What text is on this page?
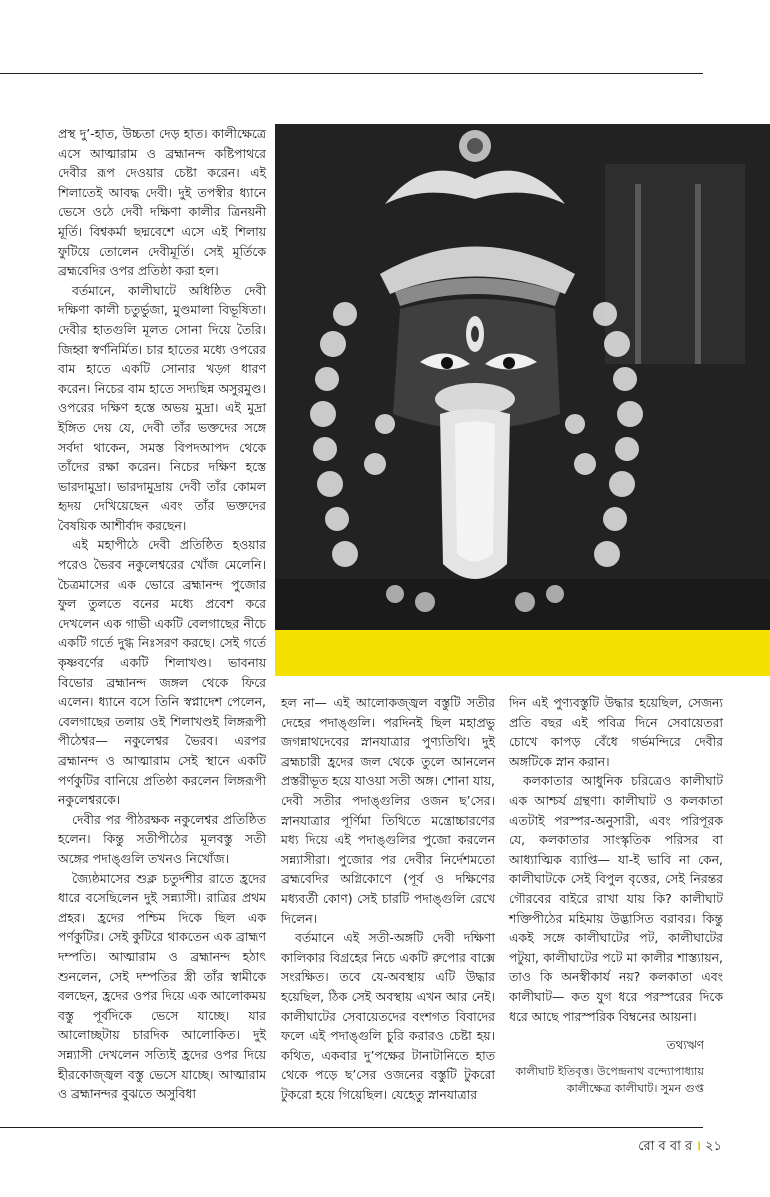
প্রস্থ দু’-হাত, উচ্চতা দেড় হাত। কালীক্ষেত্রে এসে আত্মারাম ও ব্রহ্মানন্দ কষ্টিপাথরে দেবীর রূপ দেওয়ার চেষ্টা করেন। এই শিলাতেই আবদ্ধ দেবী। দুই তপস্বীর ধ্যানে ভেসে ওঠে দেবী দক্ষিণা কালীর ত্রিনয়নী মূর্তি। বিশ্বকর্মা ছদ্মবেশে এসে এই শিলায় ফুটিয়ে তোলেন দেবীমূর্তি। সেই মূর্তিকে ব্রহ্মবেদির ওপর প্রতিষ্ঠা করা হল।

বর্তমানে, কালীঘাটে অধিষ্ঠিত দেবী দক্ষিণা কালী চতুর্ভুজা, মুণ্ডমালা বিভূষিতা। দেবীর হাতগুলি মূলত সোনা দিয়ে তৈরি। জিহ্বা স্বর্ণনির্মিত। চার হাতের মধ্যে ওপরের বাম হাতে একটি সোনার খড়্গ ধারণ করেন। নিচের বাম হাতে সদ্যছিন্ন অসুরমুণ্ড। ওপরের দক্ষিণ হস্তে অভয় মুদ্রা। এই মুদ্রা ইঙ্গিত দেয় যে, দেবী তাঁর ভক্তদের সঙ্গে সর্বদা থাকেন, সমস্ত বিপদআপদ থেকে তাঁদের রক্ষা করেন। নিচের দক্ষিণ হস্তে ভারদামুদ্রা। ভারদামুদ্রায় দেবী তাঁর কোমল হৃদয় দেখিয়েছেন এবং তাঁর ভক্তদের বৈষয়িক আশীর্বাদ করছেন।

এই মহাপীঠে দেবী প্রতিষ্ঠিত হওয়ার পরেও ভৈরব নকুলেশ্বরের খোঁজ মেলেনি। চৈত্রমাসের এক ভোরে ব্রহ্মানন্দ পুজোর ফুল তুলতে বনের মধ্যে প্রবেশ করে দেখলেন এক গাভী একটি বেলগাছের নীচে একটি গর্তে দুগ্ধ নিঃসরণ করছে। সেই গর্তে কৃষ্ণবর্ণের একটি শিলাখণ্ড। ভাবনায় বিভোর ব্রহ্মানন্দ জঙ্গল থেকে ফিরে এলেন। ধ্যানে বসে তিনি স্বপ্নাদেশ পেলেন, বেলগাছের তলায় ওই শিলাখণ্ডই লিঙ্গরূপী পীঠেশ্বর— নকুলেশ্বর ভৈরব। এরপর ব্রহ্মানন্দ ও আত্মারাম সেই স্থানে একটি পর্ণকুটির বানিয়ে প্রতিষ্ঠা করলেন লিঙ্গরূপী নকুলেশ্বরকে।

দেবীর পর পীঠরক্ষক নকুলেশ্বর প্রতিষ্ঠিত হলেন। কিন্তু সতীপীঠের মূলবস্তু সতী অঙ্গের পদাঙ্গুলি তখনও নিখোঁজ।

জ্যৈষ্ঠমাসের শুক্ল চতুর্দশীর রাতে হ্রদের ধারে বসেছিলেন দুই সন্ন্যাসী। রাত্রির প্রথম প্রহর। হ্রদের পশ্চিম দিকে ছিল এক পর্ণকুটির। সেই কুটিরে থাকতেন এক ব্রাহ্মণ দম্পতি। আত্মারাম ও ব্রহ্মানন্দ হঠাৎ শুনলেন, সেই দম্পতির স্ত্রী তাঁর স্বামীকে বলছেন, হ্রদের ওপর দিয়ে এক আলোকময় বস্তু পূর্বদিকে ভেসে যাচ্ছে। যার আলোচ্ছটায় চারদিক আলোকিত। দুই সন্ন্যাসী দেখলেন সত্যিই হ্রদের ওপর দিয়ে হীরকোজ্জ্বল বস্তু ভেসে যাচ্ছে। আত্মারাম ও ব্রহ্মানন্দর বুঝতে অসুবিধা

হল না— এই আলোকজ্জ্বল বস্তুটি সতীর দেহের পদাঙ্গুলি। পরদিনই ছিল মহাপ্রভু জগন্নাথদেবের স্নানযাত্রার পুণ্যতিথি। দুই ব্রহ্মচারী হ্রদের জল থেকে তুলে আনলেন প্রস্তরীভূত হয়ে যাওয়া সতী অঙ্গ। শোনা যায়, দেবী সতীর পদাঙ্গুলির ওজন ছ’সের। স্নানযাত্রার পূর্ণিমা তিথিতে মন্ত্রোচ্চারণের মধ্য দিয়ে এই পদাঙ্গুলির পুজো করলেন সন্ন্যাসীরা। পুজোর পর দেবীর নির্দেশমতো ব্রহ্মবেদির অগ্নিকোণে (পূর্ব ও দক্ষিণের মধ্যবর্তী কোণ) সেই চারটি পদাঙ্গুলি রেখে দিলেন।

বর্তমানে এই সতী-অঙ্গটি দেবী দক্ষিণা কালিকার বিগ্রহের নিচে একটি রুপোর বাক্সে সংরক্ষিত। তবে যে-অবস্থায় এটি উদ্ধার হয়েছিল, ঠিক সেই অবস্থায় এখন আর নেই। কালীঘাটের সেবায়েতদের বংশগত বিবাদের ফলে এই পদাঙ্গুলি চুরি করারও চেষ্টা হয়। কথিত, একবার দু’পক্ষের টানাটানিতে হাত থেকে পড়ে ছ’সের ওজনের বস্তুটি টুকরো টুকরো হয়ে গিয়েছিল। যেহেতু স্নানযাত্রার

দিন এই পুণ্যবস্তুটি উদ্ধার হয়েছিল, সেজন্য প্রতি বছর এই পবিত্র দিনে সেবায়েতরা চোখে কাপড় বেঁধে গর্ভমন্দিরে দেবীর অঙ্গটিকে স্নান করান।

কলকাতার আধুনিক চরিত্রেও কালীঘাট এক আশ্চর্য গ্রন্থণা। কালীঘাট ও কলকাতা এতটাই পরস্পর-অনুসারী, এবং পরিপূরক যে, কলকাতার সাংস্কৃতিক পরিসর বা আধ্যাত্মিক ব্যাপ্তি— যা-ই ভাবি না কেন, কালীঘাটকে সেই বিপুল বৃত্তের, সেই নিরন্তর গৌরবের বাইরে রাখা যায় কি? কালীঘাট শক্তিপীঠের মহিমায় উদ্ভাসিত বরাবর। কিন্তু একই সঙ্গে কালীঘাটের পট, কালীঘাটের পটুয়া, কালীঘাটের পটে মা কালীর শাস্ত্যায়ন, তাও কি অনস্বীকার্য নয়? কলকাতা এবং কালীঘাট— কত যুগ ধরে পরস্পরের দিকে ধরে আছে পারস্পরিক বিম্বনের আয়না।

তথ্যঋণ
কালীঘাট ইতিবৃত্ত। উপেন্দ্রনাথ বন্দ্যোপাধ্যায়
কালীক্ষেত্র কালীঘাট। সুমন গুপ্ত
রো ব বা র । ২১
